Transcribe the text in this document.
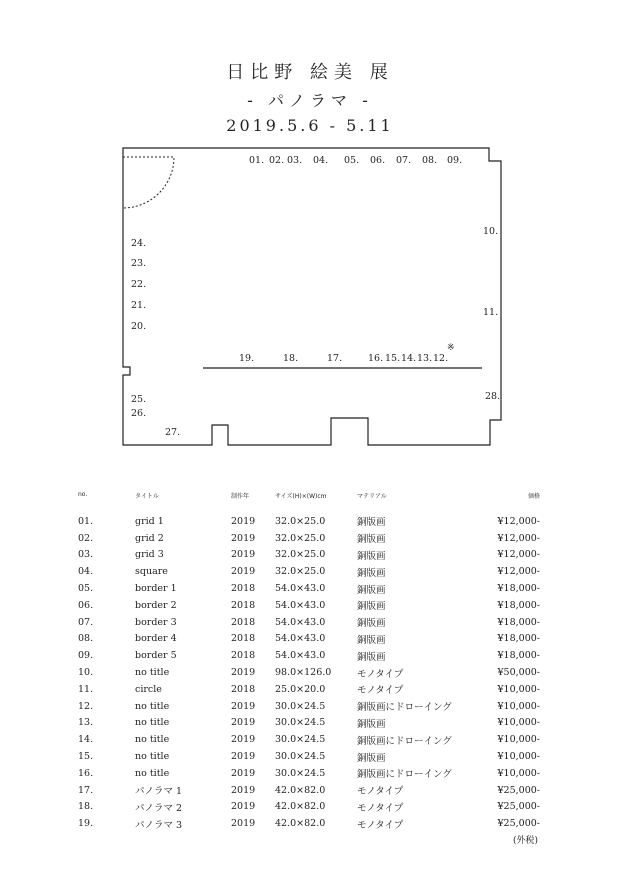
日比野 絵美 展
- パノラマ -
2019.5.6 - 5.11
01. 02. 03. 04. 05. 06. 07. 08. 09.
10.
11.
12.
13.
14.
15.
16.
17.
18.
19.
20.
21.
22.
23.
24.
25.
26.
27.
28.
※
no.	タイトル	制作年	サイズ(H)×(W)cm	マテリアル	価格
01.	grid 1	2019	32.0×25.0	銅版画	¥12,000-
02.	grid 2	2019	32.0×25.0	銅版画	¥12,000-
03.	grid 3	2019	32.0×25.0	銅版画	¥12,000-
04.	square	2019	32.0×25.0	銅版画	¥12,000-
05.	border 1	2018	54.0×43.0	銅版画	¥18,000-
06.	border 2	2018	54.0×43.0	銅版画	¥18,000-
07.	border 3	2018	54.0×43.0	銅版画	¥18,000-
08.	border 4	2018	54.0×43.0	銅版画	¥18,000-
09.	border 5	2018	54.0×43.0	銅版画	¥18,000-
10.	no title	2019	98.0×126.0	モノタイプ	¥50,000-
11.	circle	2018	25.0×20.0	モノタイプ	¥10,000-
12.	no title	2019	30.0×24.5	銅版画にドローイング	¥10,000-
13.	no title	2019	30.0×24.5	銅版画	¥10,000-
14.	no title	2019	30.0×24.5	銅版画にドローイング	¥10,000-
15.	no title	2019	30.0×24.5	銅版画	¥10,000-
16.	no title	2019	30.0×24.5	銅版画にドローイング	¥10,000-
17.	パノラマ 1	2019	42.0×82.0	モノタイプ	¥25,000-
18.	パノラマ 2	2019	42.0×82.0	モノタイプ	¥25,000-
19.	パノラマ 3	2019	42.0×82.0	モノタイプ	¥25,000-
(外税)
